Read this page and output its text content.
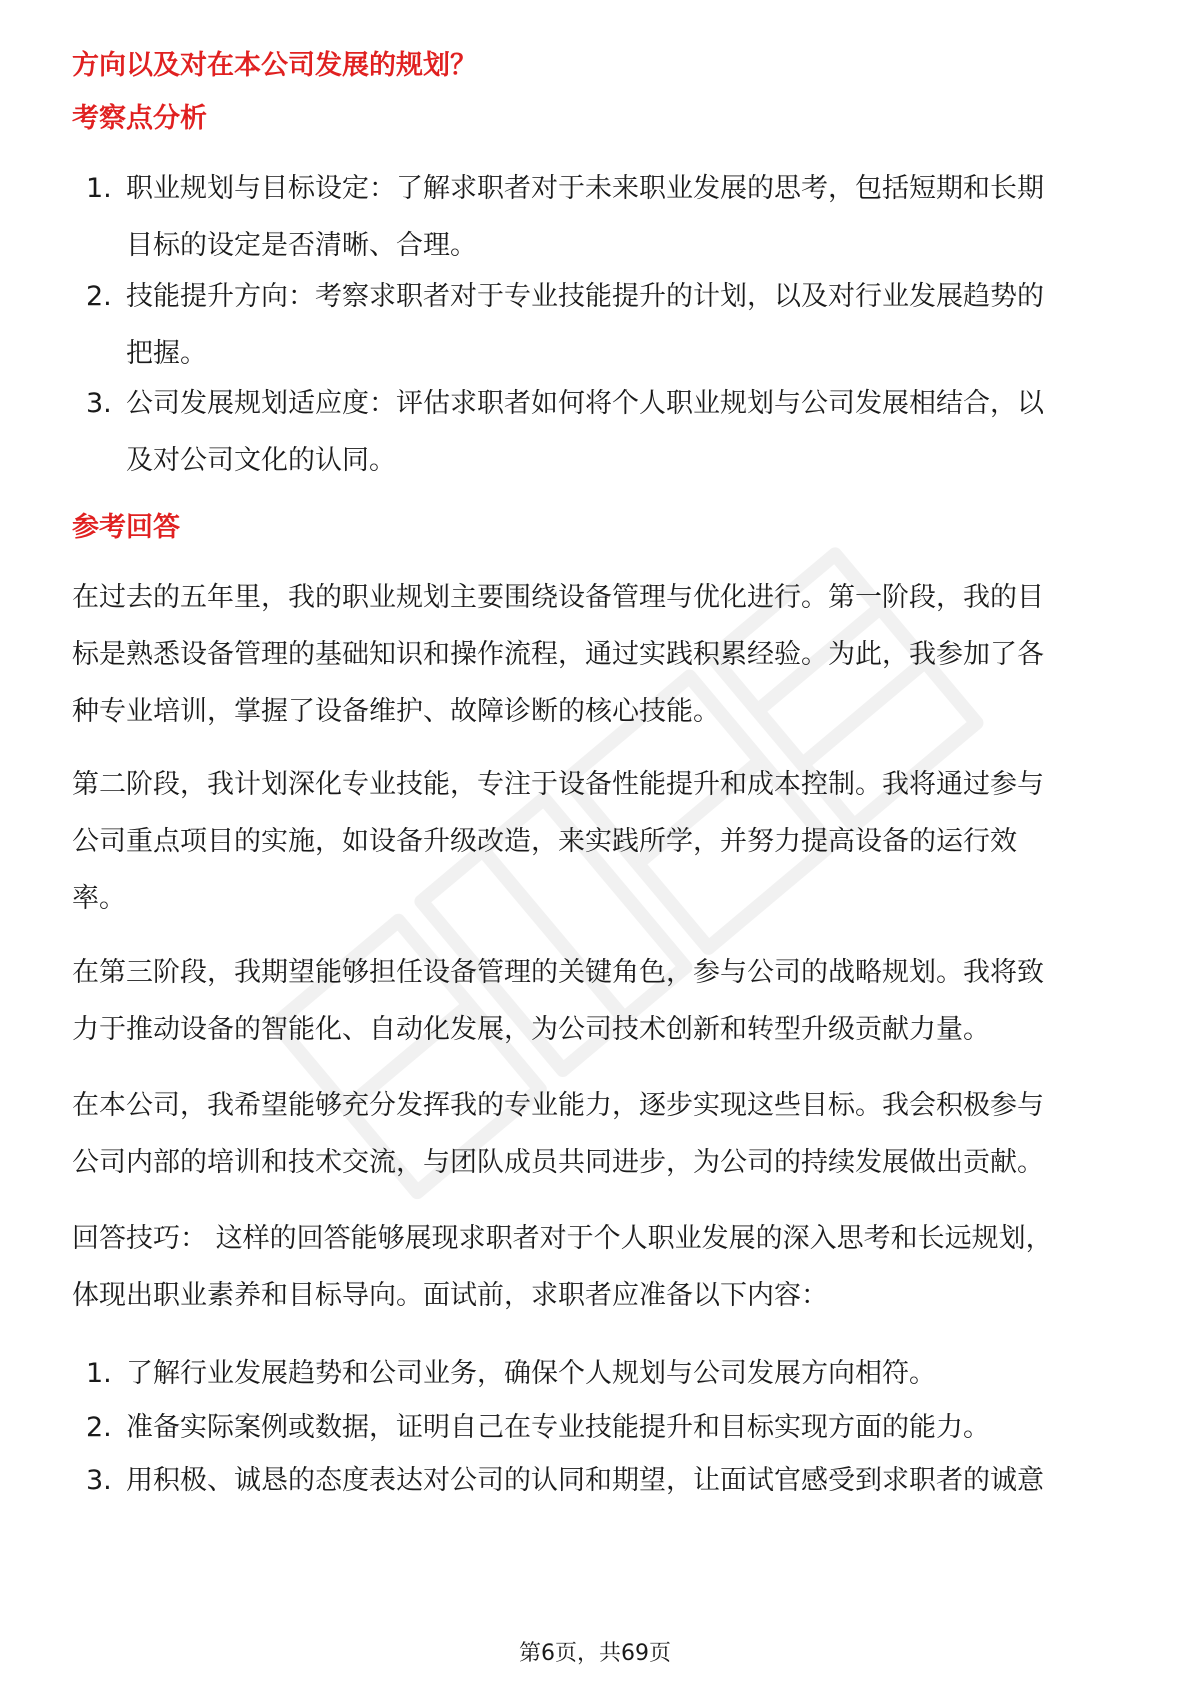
方向以及对在本公司发展的规划？
考察点分析
1. 职业规划与目标设定：了解求职者对于未来职业发展的思考，包括短期和长期
目标的设定是否清晰、合理。
2. 技能提升方向：考察求职者对于专业技能提升的计划，以及对行业发展趋势的
把握。
3. 公司发展规划适应度：评估求职者如何将个人职业规划与公司发展相结合，以
及对公司文化的认同。
参考回答
在过去的五年里，我的职业规划主要围绕设备管理与优化进行。第一阶段，我的目
标是熟悉设备管理的基础知识和操作流程，通过实践积累经验。为此，我参加了各
种专业培训，掌握了设备维护、故障诊断的核心技能。
第二阶段，我计划深化专业技能，专注于设备性能提升和成本控制。我将通过参与
公司重点项目的实施，如设备升级改造，来实践所学，并努力提高设备的运行效
率。
在第三阶段，我期望能够担任设备管理的关键角色，参与公司的战略规划。我将致
力于推动设备的智能化、自动化发展，为公司技术创新和转型升级贡献力量。
在本公司，我希望能够充分发挥我的专业能力，逐步实现这些目标。我会积极参与
公司内部的培训和技术交流，与团队成员共同进步，为公司的持续发展做出贡献。
回答技巧： 这样的回答能够展现求职者对于个人职业发展的深入思考和长远规划，
体现出职业素养和目标导向。面试前，求职者应准备以下内容：
1. 了解行业发展趋势和公司业务，确保个人规划与公司发展方向相符。
2. 准备实际案例或数据，证明自己在专业技能提升和目标实现方面的能力。
3. 用积极、诚恳的态度表达对公司的认同和期望，让面试官感受到求职者的诚意
第6页，共69页
